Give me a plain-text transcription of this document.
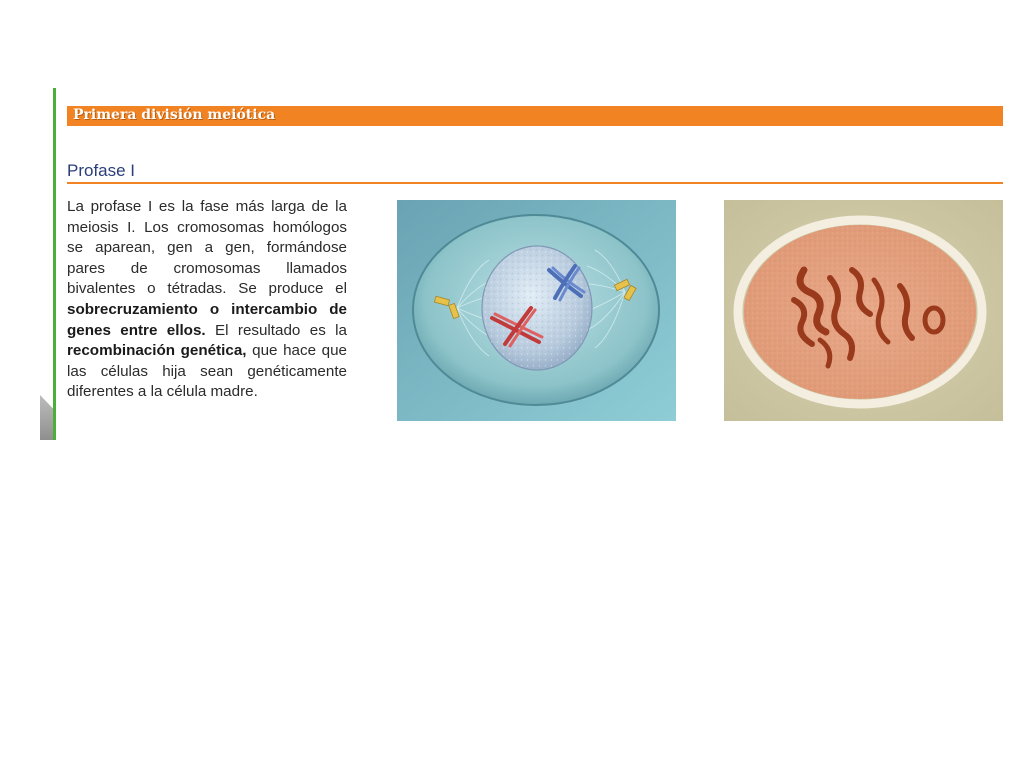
Primera división meiótica
Profase I
La profase I es la fase más larga de la meiosis I. Los cromosomas homólogos se aparean, gen a gen, formándose pares de cromosomas llamados bivalentes o tétradas. Se produce el sobrecruzamiento o intercambio de genes entre ellos. El resultado es la recombinación genética, que hace que las células hija sean genéticamente diferentes a la célula madre.
